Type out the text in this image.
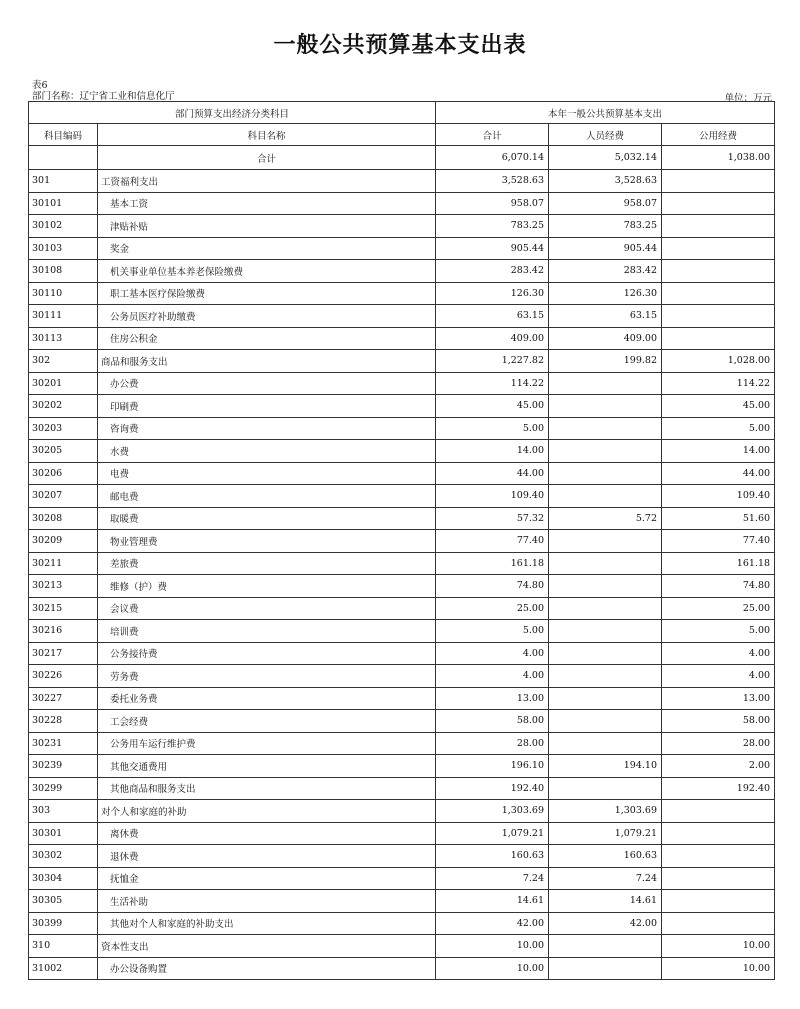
一般公共预算基本支出表
表6
部门名称：辽宁省工业和信息化厅	单位：万元
部门预算支出经济分类科目		本年一般公共预算基本支出		
科目编码	科目名称	合计	人员经费	公用经费
	合计	6,070.14	5,032.14	1,038.00
301	工资福利支出	3,528.63	3,528.63	
30101	基本工资	958.07	958.07	
30102	津贴补贴	783.25	783.25	
30103	奖金	905.44	905.44	
30108	机关事业单位基本养老保险缴费	283.42	283.42	
30110	职工基本医疗保险缴费	126.30	126.30	
30111	公务员医疗补助缴费	63.15	63.15	
30113	住房公积金	409.00	409.00	
302	商品和服务支出	1,227.82	199.82	1,028.00
30201	办公费	114.22		114.22
30202	印刷费	45.00		45.00
30203	咨询费	5.00		5.00
30205	水费	14.00		14.00
30206	电费	44.00		44.00
30207	邮电费	109.40		109.40
30208	取暖费	57.32	5.72	51.60
30209	物业管理费	77.40		77.40
30211	差旅费	161.18		161.18
30213	维修（护）费	74.80		74.80
30215	会议费	25.00		25.00
30216	培训费	5.00		5.00
30217	公务接待费	4.00		4.00
30226	劳务费	4.00		4.00
30227	委托业务费	13.00		13.00
30228	工会经费	58.00		58.00
30231	公务用车运行维护费	28.00		28.00
30239	其他交通费用	196.10	194.10	2.00
30299	其他商品和服务支出	192.40		192.40
303	对个人和家庭的补助	1,303.69	1,303.69	
30301	离休费	1,079.21	1,079.21	
30302	退休费	160.63	160.63	
30304	抚恤金	7.24	7.24	
30305	生活补助	14.61	14.61	
30399	其他对个人和家庭的补助支出	42.00	42.00	
310	资本性支出	10.00		10.00
31002	办公设备购置	10.00		10.00
